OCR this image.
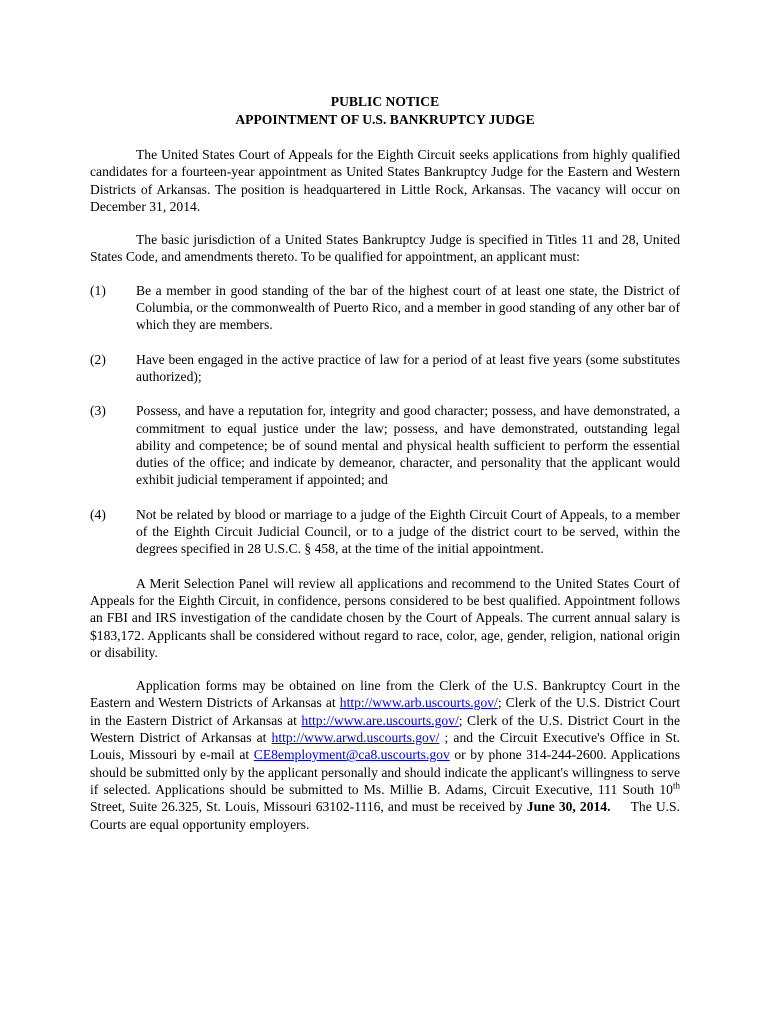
PUBLIC NOTICE

APPOINTMENT OF U.S. BANKRUPTCY JUDGE

The United States Court of Appeals for the Eighth Circuit seeks applications from highly qualified candidates for a fourteen-year appointment as United States Bankruptcy Judge for the Eastern and Western Districts of Arkansas. The position is headquartered in Little Rock, Arkansas. The vacancy will occur on December 31, 2014.

The basic jurisdiction of a United States Bankruptcy Judge is specified in Titles 11 and 28, United States Code, and amendments thereto. To be qualified for appointment, an applicant must:

(1)	Be a member in good standing of the bar of the highest court of at least one state, the District of Columbia, or the commonwealth of Puerto Rico, and a member in good standing of any other bar of which they are members.
(2)	Have been engaged in the active practice of law for a period of at least five years (some substitutes authorized);
(3)	Possess, and have a reputation for, integrity and good character; possess, and have demonstrated, a commitment to equal justice under the law; possess, and have demonstrated, outstanding legal ability and competence; be of sound mental and physical health sufficient to perform the essential duties of the office; and indicate by demeanor, character, and personality that the applicant would exhibit judicial temperament if appointed; and
(4)	Not be related by blood or marriage to a judge of the Eighth Circuit Court of Appeals, to a member of the Eighth Circuit Judicial Council, or to a judge of the district court to be served, within the degrees specified in 28 U.S.C. § 458, at the time of the initial appointment.

A Merit Selection Panel will review all applications and recommend to the United States Court of Appeals for the Eighth Circuit, in confidence, persons considered to be best qualified. Appointment follows an FBI and IRS investigation of the candidate chosen by the Court of Appeals. The current annual salary is $183,172. Applicants shall be considered without regard to race, color, age, gender, religion, national origin or disability.

Application forms may be obtained on line from the Clerk of the U.S. Bankruptcy Court in the Eastern and Western Districts of Arkansas at http://www.arb.uscourts.gov/; Clerk of the U.S. District Court in the Eastern District of Arkansas at http://www.are.uscourts.gov/; Clerk of the U.S. District Court in the Western District of Arkansas at http://www.arwd.uscourts.gov/ ; and the Circuit Executive's Office in St. Louis, Missouri by e-mail at CE8employment@ca8.uscourts.gov or by phone 314-244-2600. Applications should be submitted only by the applicant personally and should indicate the applicant's willingness to serve if selected. Applications should be submitted to Ms. Millie B. Adams, Circuit Executive, 111 South 10th Street, Suite 26.325, St. Louis, Missouri 63102-1116, and must be received by June 30, 2014.     The U.S. Courts are equal opportunity employers.
